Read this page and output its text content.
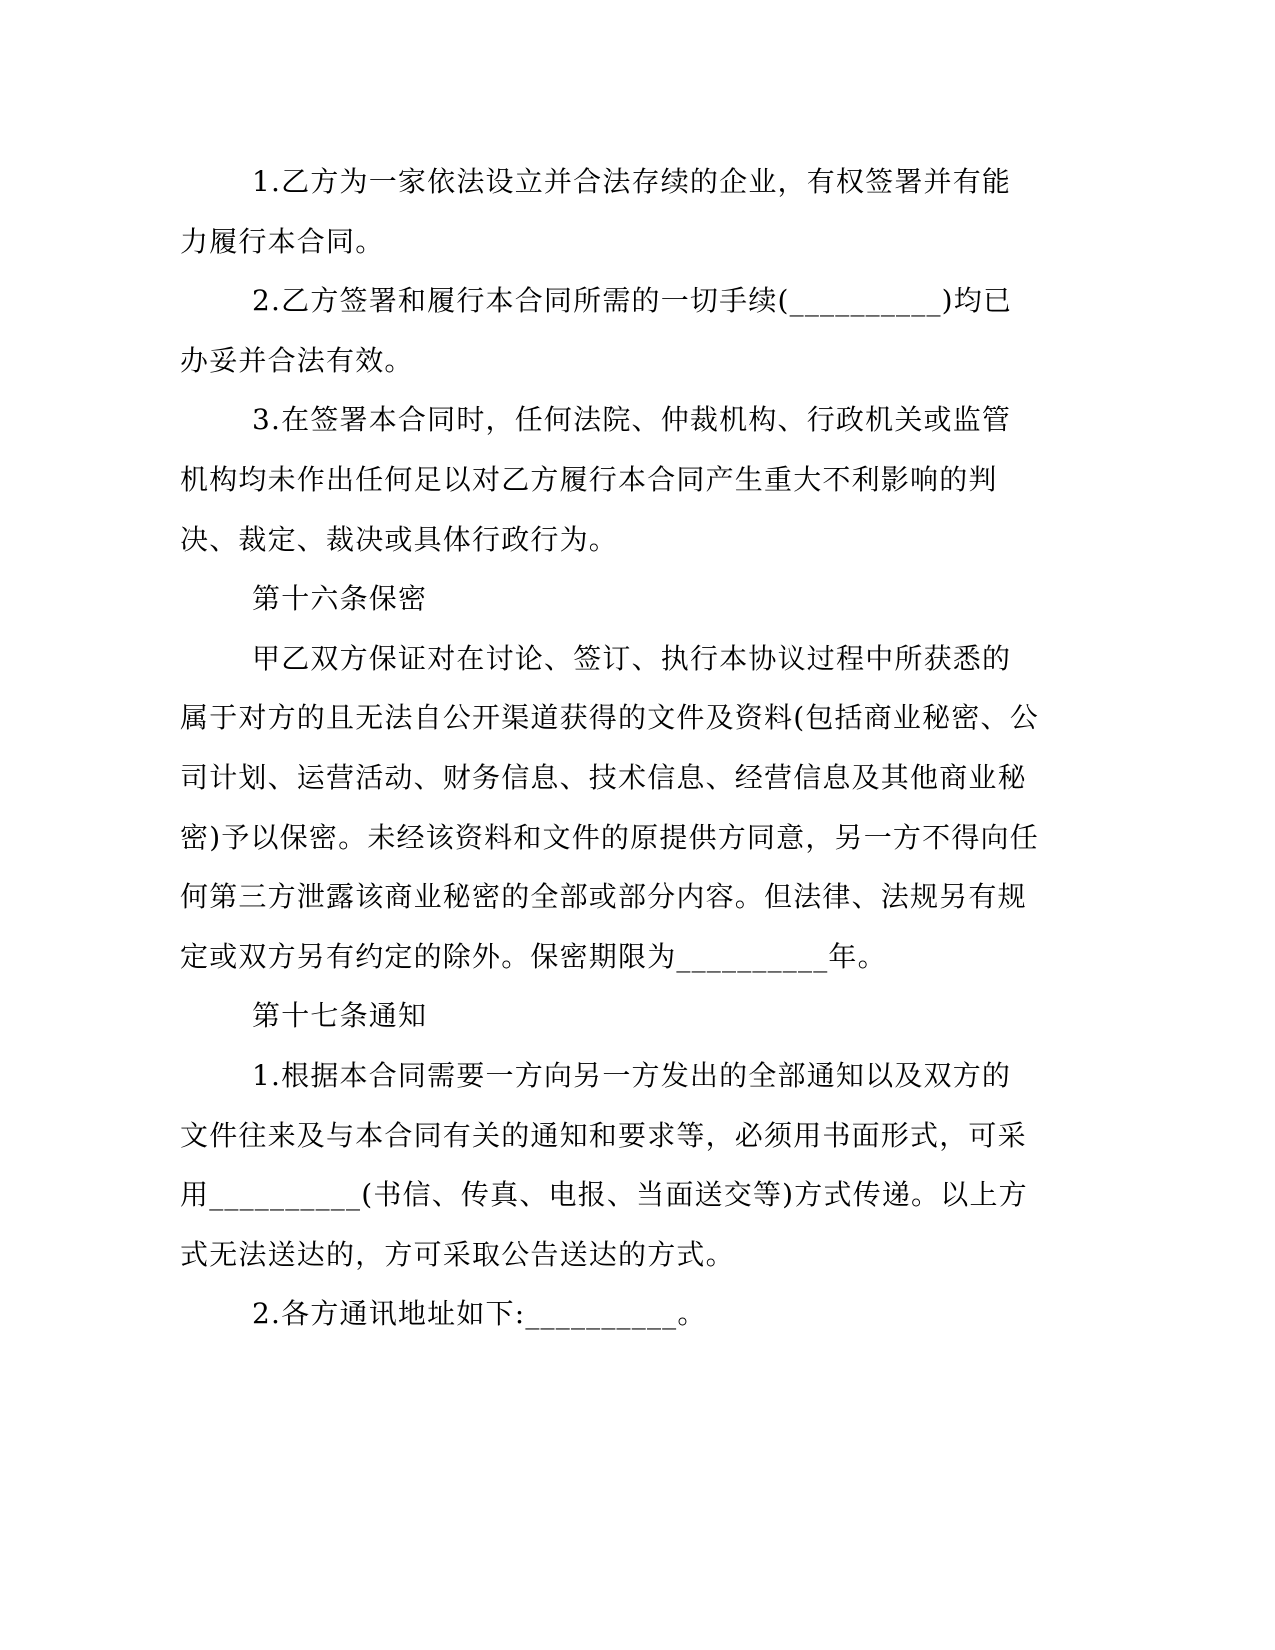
1.乙方为一家依法设立并合法存续的企业，有权签署并有能力履行本合同。

2.乙方签署和履行本合同所需的一切手续(__________)均已办妥并合法有效。

3.在签署本合同时，任何法院、仲裁机构、行政机关或监管机构均未作出任何足以对乙方履行本合同产生重大不利影响的判决、裁定、裁决或具体行政行为。

第十六条保密

甲乙双方保证对在讨论、签订、执行本协议过程中所获悉的属于对方的且无法自公开渠道获得的文件及资料(包括商业秘密、公司计划、运营活动、财务信息、技术信息、经营信息及其他商业秘密)予以保密。未经该资料和文件的原提供方同意，另一方不得向任何第三方泄露该商业秘密的全部或部分内容。但法律、法规另有规定或双方另有约定的除外。保密期限为__________年。

第十七条通知

1.根据本合同需要一方向另一方发出的全部通知以及双方的文件往来及与本合同有关的通知和要求等，必须用书面形式，可采用__________(书信、传真、电报、当面送交等)方式传递。以上方式无法送达的，方可采取公告送达的方式。

2.各方通讯地址如下:__________。
